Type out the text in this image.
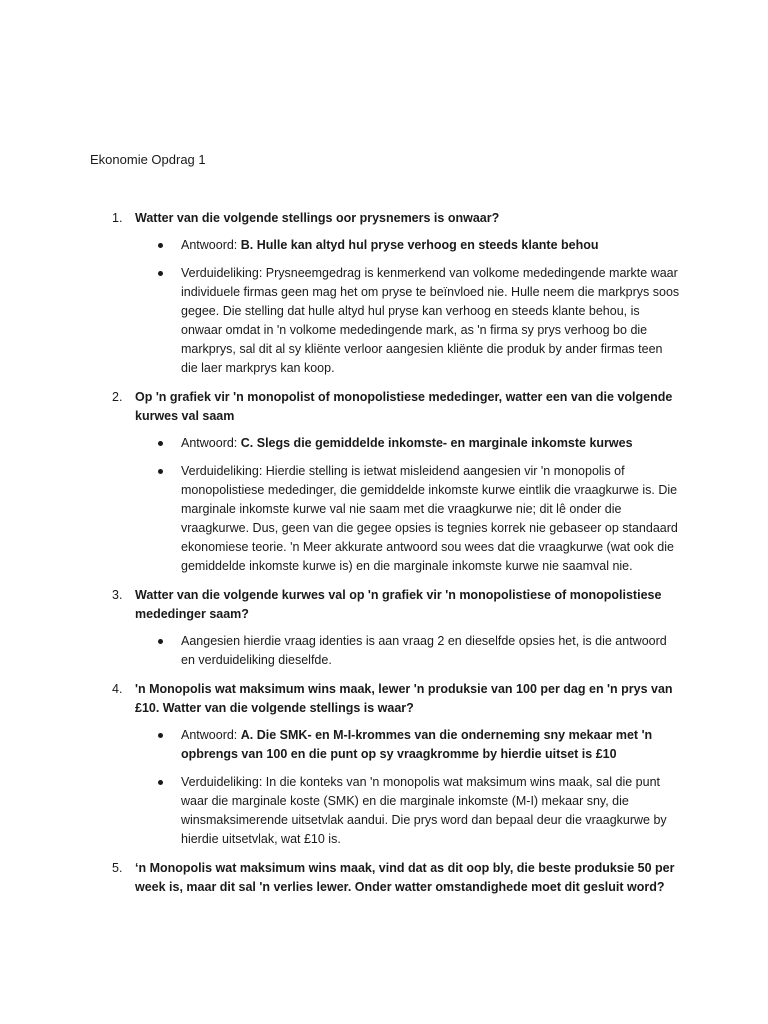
Ekonomie Opdrag 1
1. Watter van die volgende stellings oor prysnemers is onwaar?
Antwoord: B. Hulle kan altyd hul pryse verhoog en steeds klante behou
Verduideliking: Prysneemgedrag is kenmerkend van volkome mededingende markte waar individuele firmas geen mag het om pryse te beïnvloed nie. Hulle neem die markprys soos gegee. Die stelling dat hulle altyd hul pryse kan verhoog en steeds klante behou, is onwaar omdat in 'n volkome mededingende mark, as 'n firma sy prys verhoog bo die markprys, sal dit al sy kliënte verloor aangesien kliënte die produk by ander firmas teen die laer markprys kan koop.
2. Op 'n grafiek vir 'n monopolist of monopolistiese mededinger, watter een van die volgende kurwes val saam
Antwoord: C. Slegs die gemiddelde inkomste- en marginale inkomste kurwes
Verduideliking: Hierdie stelling is ietwat misleidend aangesien vir 'n monopolis of monopolistiese mededinger, die gemiddelde inkomste kurwe eintlik die vraagkurwe is. Die marginale inkomste kurwe val nie saam met die vraagkurwe nie; dit lê onder die vraagkurwe. Dus, geen van die gegee opsies is tegnies korrek nie gebaseer op standaard ekonomiese teorie. 'n Meer akkurate antwoord sou wees dat die vraagkurwe (wat ook die gemiddelde inkomste kurwe is) en die marginale inkomste kurwe nie saamval nie.
3. Watter van die volgende kurwes val op 'n grafiek vir 'n monopolistiese of monopolistiese mededinger saam?
Aangesien hierdie vraag identies is aan vraag 2 en dieselfde opsies het, is die antwoord en verduideliking dieselfde.
4. 'n Monopolis wat maksimum wins maak, lewer 'n produksie van 100 per dag en 'n prys van £10. Watter van die volgende stellings is waar?
Antwoord: A. Die SMK- en M-I-krommes van die onderneming sny mekaar met 'n opbrengs van 100 en die punt op sy vraagkromme by hierdie uitset is £10
Verduideliking: In die konteks van 'n monopolis wat maksimum wins maak, sal die punt waar die marginale koste (SMK) en die marginale inkomste (M-I) mekaar sny, die winsmaksimerende uitsetvlak aandui. Die prys word dan bepaal deur die vraagkurwe by hierdie uitsetvlak, wat £10 is.
5. ‘n Monopolis wat maksimum wins maak, vind dat as dit oop bly, die beste produksie 50 per week is, maar dit sal 'n verlies lewer. Onder watter omstandighede moet dit gesluit word?
